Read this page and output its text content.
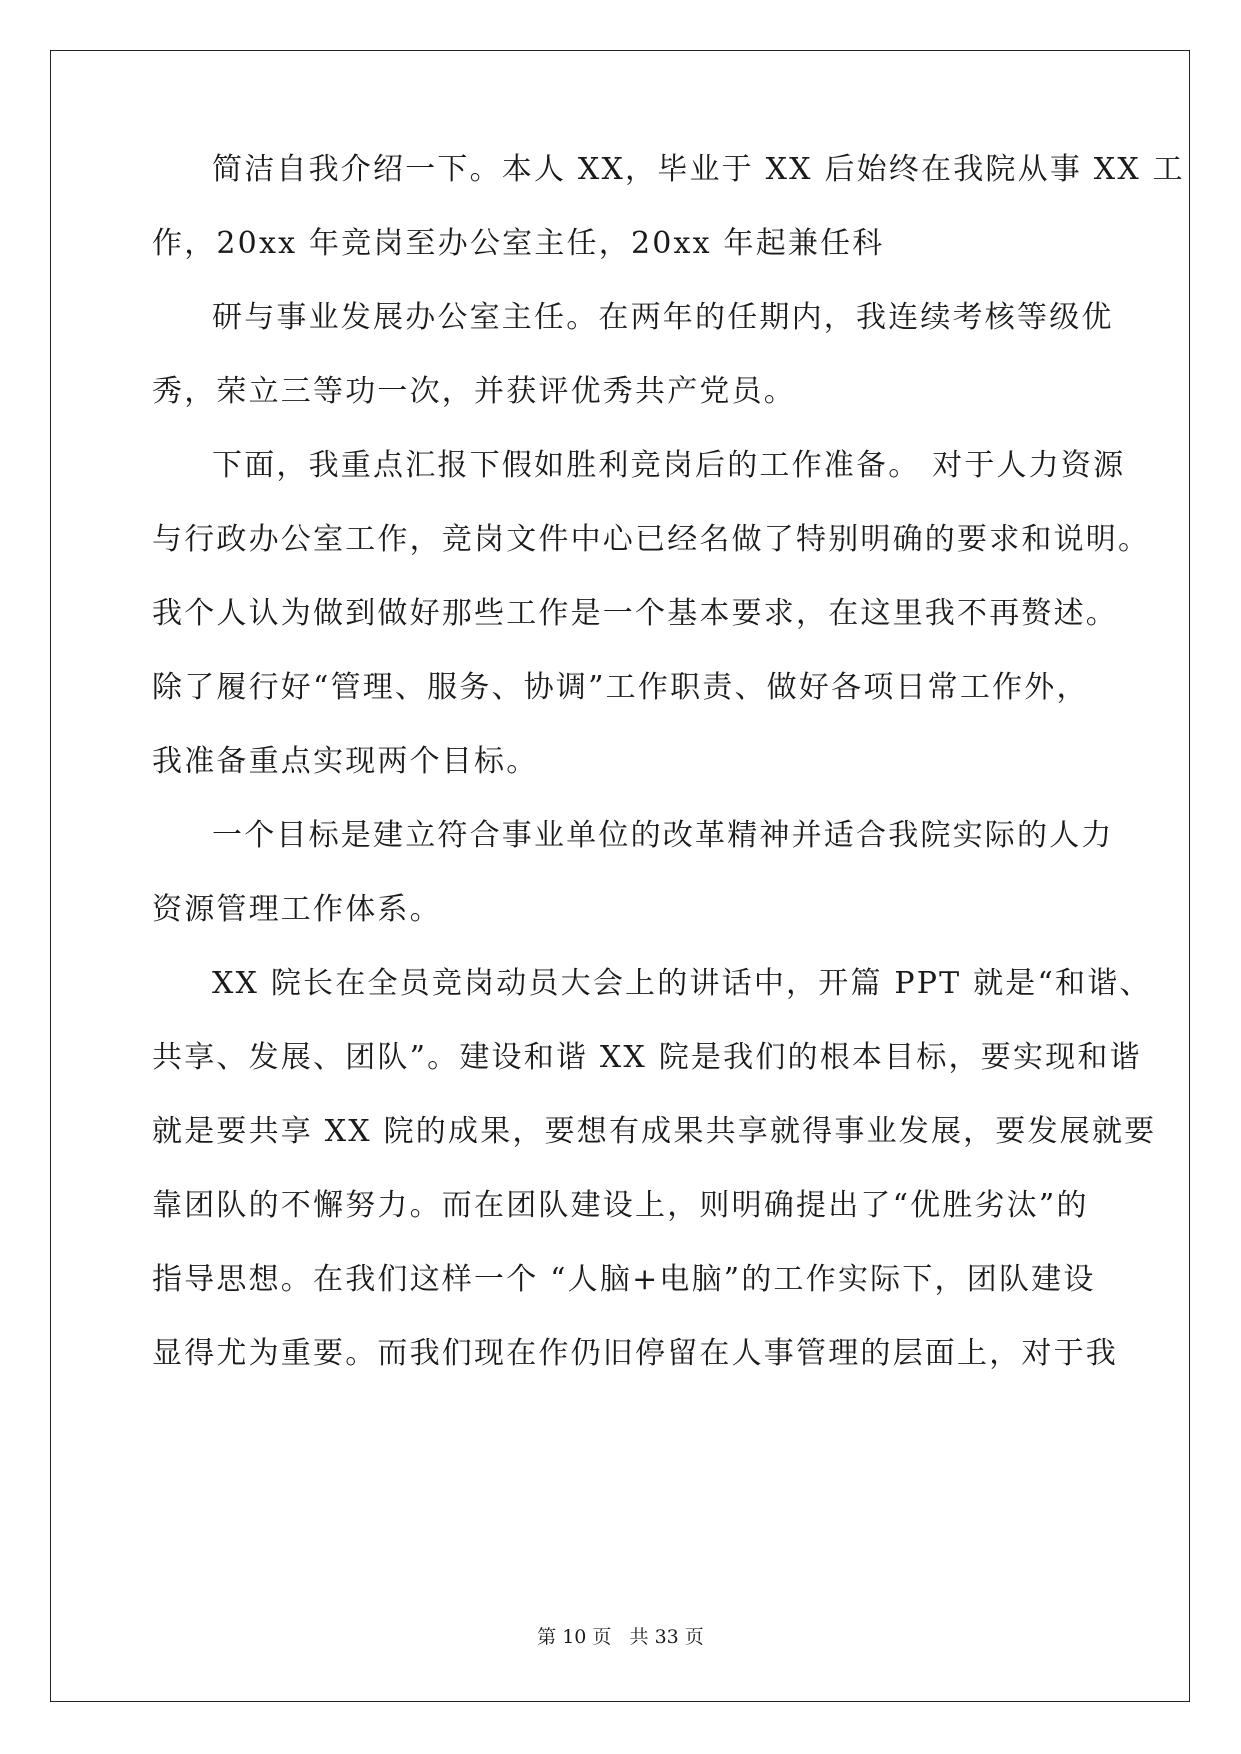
简洁自我介绍一下。本人 XX，毕业于 XX 后始终在我院从事 XX 工
作，20xx 年竞岗至办公室主任，20xx 年起兼任科
研与事业发展办公室主任。在两年的任期内，我连续考核等级优
秀，荣立三等功一次，并获评优秀共产党员。
下面，我重点汇报下假如胜利竞岗后的工作准备。 对于人力资源
与行政办公室工作，竞岗文件中心已经名做了特别明确的要求和说明。
我个人认为做到做好那些工作是一个基本要求，在这里我不再赘述。
除了履行好“管理、服务、协调”工作职责、做好各项日常工作外，
我准备重点实现两个目标。
一个目标是建立符合事业单位的改革精神并适合我院实际的人力
资源管理工作体系。
XX 院长在全员竞岗动员大会上的讲话中，开篇 PPT 就是“和谐、
共享、发展、团队”。建设和谐 XX 院是我们的根本目标，要实现和谐
就是要共享 XX 院的成果，要想有成果共享就得事业发展，要发展就要
靠团队的不懈努力。而在团队建设上，则明确提出了“优胜劣汰”的
指导思想。在我们这样一个 “人脑+电脑”的工作实际下，团队建设
显得尤为重要。而我们现在作仍旧停留在人事管理的层面上，对于我
第 10 页   共 33 页
